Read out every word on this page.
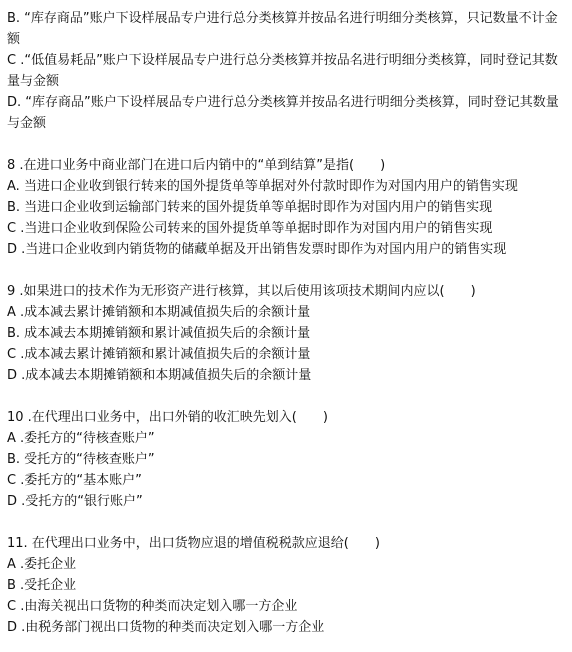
B. “库存商品”账户下设样展品专户进行总分类核算并按品名进行明细分类核算，只记数量不计金额
C .“低值易耗品”账户下设样展品专户进行总分类核算并按品名进行明细分类核算，同时登记其数量与金额
D. “库存商品”账户下设样展品专户进行总分类核算并按品名进行明细分类核算，同时登记其数量与金额
8 .在进口业务中商业部门在进口后内销中的“单到结算”是指(　　)
A. 当进口企业收到银行转来的国外提货单等单据对外付款时即作为对国内用户的销售实现
B. 当进口企业收到运输部门转来的国外提货单等单据时即作为对国内用户的销售实现
C .当进口企业收到保险公司转来的国外提货单等单据时即作为对国内用户的销售实现
D .当进口企业收到内销货物的储藏单据及开出销售发票时即作为对国内用户的销售实现
9 .如果进口的技术作为无形资产进行核算，其以后使用该项技术期间内应以(　　)
A .成本减去累计摊销额和本期减值损失后的余额计量
B. 成本减去本期摊销额和累计减值损失后的余额计量
C .成本减去累计摊销额和累计减值损失后的余额计量
D .成本减去本期摊销额和本期减值损失后的余额计量
10 .在代理出口业务中，出口外销的收汇映先划入(　　)
A .委托方的“待核查账户”
B. 受托方的“待核查账户”
C .委托方的“基本账户”
D .受托方的“银行账户”
11. 在代理出口业务中，出口货物应退的增值税税款应退给(　　)
A .委托企业
B .受托企业
C .由海关视出口货物的种类而决定划入哪一方企业
D .由税务部门视出口货物的种类而决定划入哪一方企业
